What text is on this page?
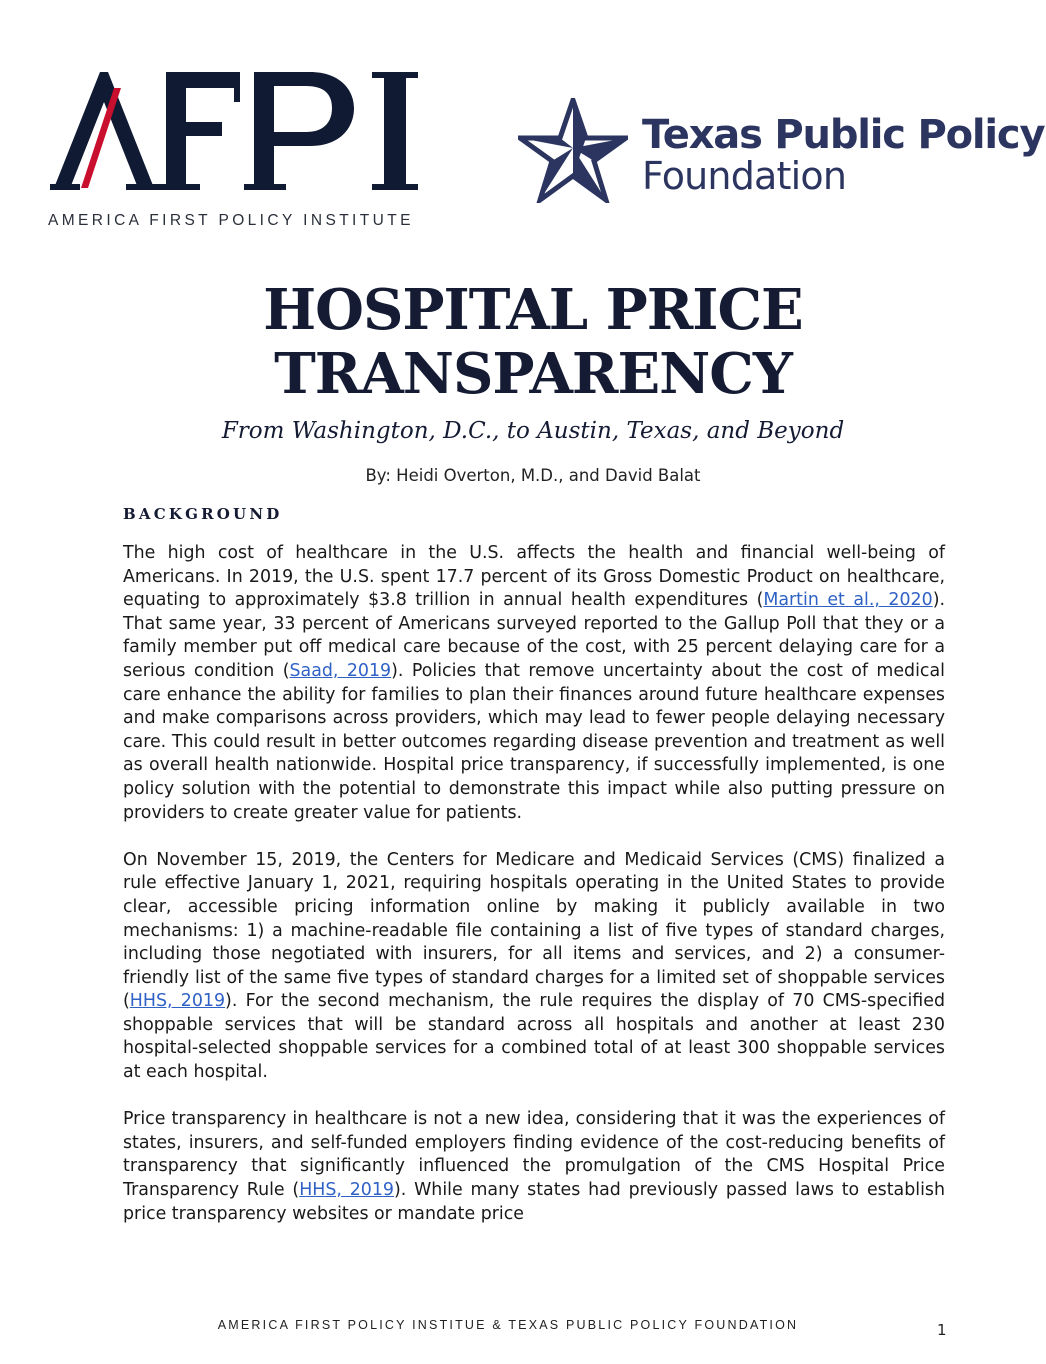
AMERICA FIRST POLICY INSTITUTE
Texas Public Policy
Foundation
HOSPITAL PRICE
TRANSPARENCY
From Washington, D.C., to Austin, Texas, and Beyond
By: Heidi Overton, M.D., and David Balat
BACKGROUND

The high cost of healthcare in the U.S. affects the health and financial well-being of Americans. In 2019, the U.S. spent 17.7 percent of its Gross Domestic Product on healthcare, equating to approximately $3.8 trillion in annual health expenditures (Martin et al., 2020). That same year, 33 percent of Americans surveyed reported to the Gallup Poll that they or a family member put off medical care because of the cost, with 25 percent delaying care for a serious condition (Saad, 2019). Policies that remove uncertainty about the cost of medical care enhance the ability for families to plan their finances around future healthcare expenses and make comparisons across providers, which may lead to fewer people delaying necessary care. This could result in better outcomes regarding disease prevention and treatment as well as overall health nationwide. Hospital price transparency, if successfully implemented, is one policy solution with the potential to demonstrate this impact while also putting pressure on providers to create greater value for patients.

On November 15, 2019, the Centers for Medicare and Medicaid Services (CMS) finalized a rule effective January 1, 2021, requiring hospitals operating in the United States to provide clear, accessible pricing information online by making it publicly available in two mechanisms: 1) a machine-readable file containing a list of five types of standard charges, including those negotiated with insurers, for all items and services, and 2) a consumer-friendly list of the same five types of standard charges for a limited set of shoppable services (HHS, 2019). For the second mechanism, the rule requires the display of 70 CMS-specified shoppable services that will be standard across all hospitals and another at least 230 hospital-selected shoppable services for a combined total of at least 300 shoppable services at each hospital.

Price transparency in healthcare is not a new idea, considering that it was the experiences of states, insurers, and self-funded employers finding evidence of the cost-reducing benefits of transparency that significantly influenced the promulgation of the CMS Hospital Price Transparency Rule (HHS, 2019). While many states had previously passed laws to establish price transparency websites or mandate price

AMERICA FIRST POLICY INSTITUE & TEXAS PUBLIC POLICY FOUNDATION	1
